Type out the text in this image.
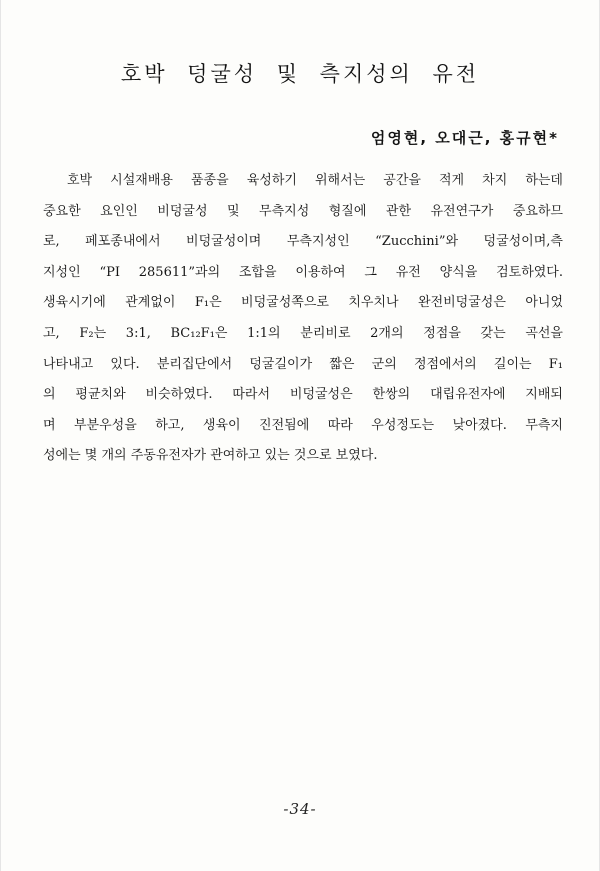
호박 덩굴성 및 측지성의 유전
엄영현, 오대근, 홍규현*
호박 시설재배용 품종을 육성하기 위해서는 공간을 적게 차지 하는데
중요한 요인인 비덩굴성 및 무측지성 형질에 관한 유전연구가 중요하므
로, 페포종내에서 비덩굴성이며 무측지성인 “Zucchini”와 덩굴성이며,측
지성인 “PI 285611”과의 조합을 이용하여 그 유전 양식을 검토하였다.
생육시기에 관계없이 F₁은 비덩굴성쪽으로 치우치나 완전비덩굴성은 아니었
고, F₂는 3:1, BC₁₂F₁은 1:1의 분리비로 2개의 정점을 갖는 곡선을
나타내고 있다. 분리집단에서 덩굴길이가 짧은 군의 정점에서의 길이는 F₁
의 평균치와 비슷하였다. 따라서 비덩굴성은 한쌍의 대립유전자에 지배되
며 부분우성을 하고, 생육이 진전됨에 따라 우성정도는 낮아졌다. 무측지
성에는 몇 개의 주동유전자가 관여하고 있는 것으로 보였다.
-34-
